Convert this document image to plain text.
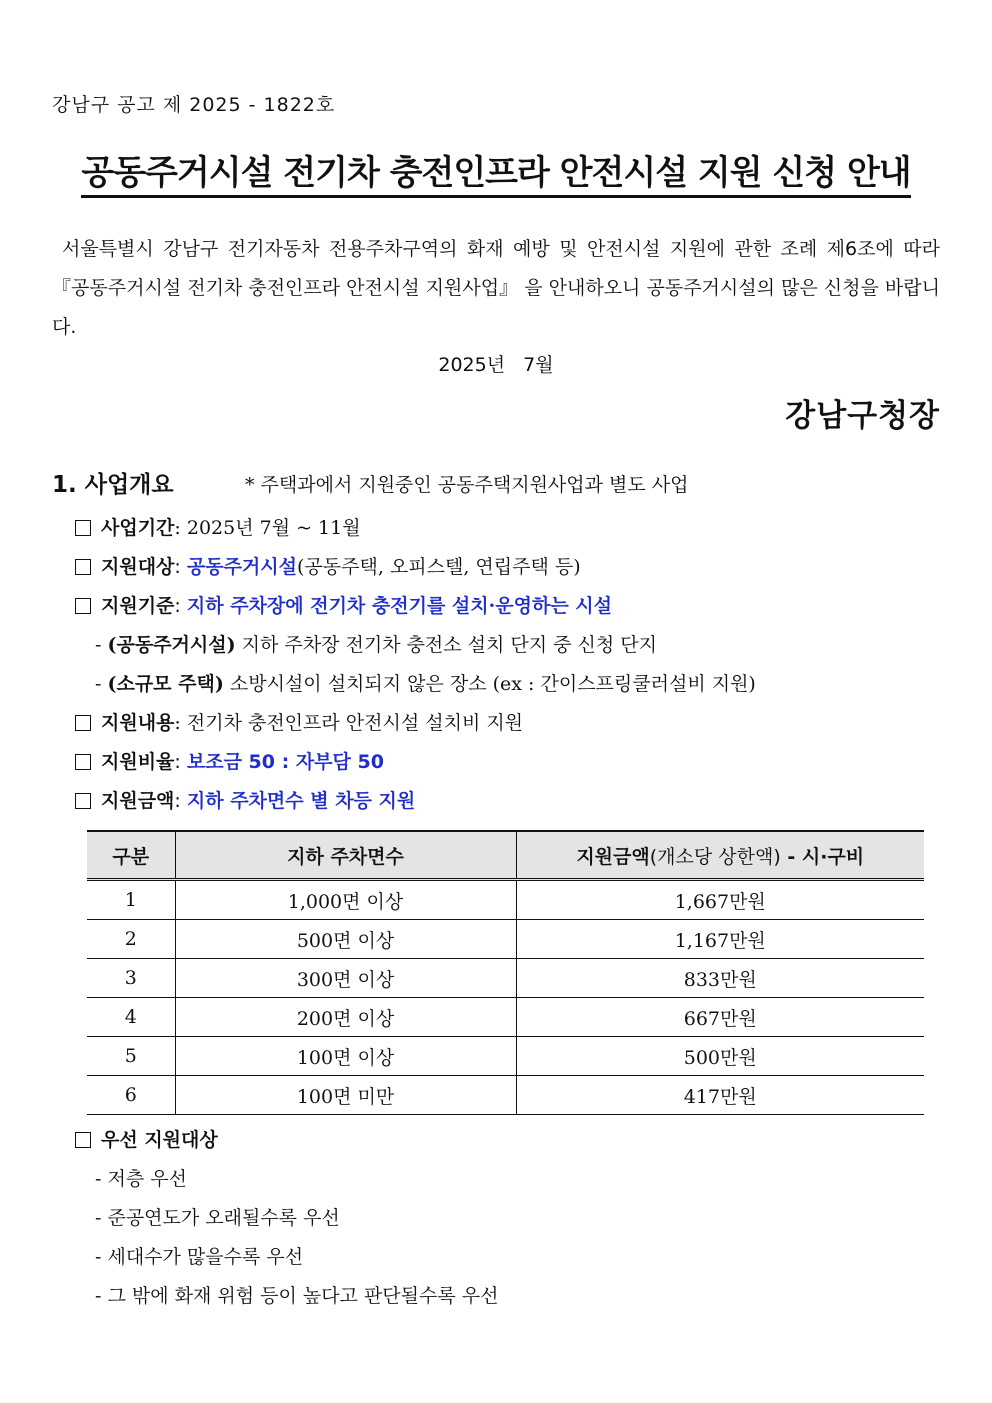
강남구 공고 제 2025 - 1822호
공동주거시설 전기차 충전인프라 안전시설 지원 신청 안내
서울특별시 강남구 전기자동차 전용주차구역의 화재 예방 및 안전시설 지원에 관한 조례 제6조에 따라 『공동주거시설 전기차 충전인프라 안전시설 지원사업』 을 안내하오니 공동주거시설의 많은 신청을 바랍니다.
2025년   7월
강남구청장
1. 사업개요	* 주택과에서 지원중인 공동주택지원사업과 별도 사업
사업기간: 2025년 7월 ~ 11월
지원대상: 공동주거시설(공동주택, 오피스텔, 연립주택 등)
지원기준: 지하 주차장에 전기차 충전기를 설치·운영하는 시설
- (공동주거시설) 지하 주차장 전기차 충전소 설치 단지 중 신청 단지
- (소규모 주택) 소방시설이 설치되지 않은 장소 (ex : 간이스프링쿨러설비 지원)
지원내용: 전기차 충전인프라 안전시설 설치비 지원
지원비율: 보조금 50 : 자부담 50
지원금액: 지하 주차면수 별 차등 지원
구분	지하 주차면수	지원금액(개소당 상한액) - 시·구비
1	1,000면 이상	1,667만원
2	500면 이상	1,167만원
3	300면 이상	833만원
4	200면 이상	667만원
5	100면 이상	500만원
6	100면 미만	417만원
우선 지원대상
- 저층 우선
- 준공연도가 오래될수록 우선
- 세대수가 많을수록 우선
- 그 밖에 화재 위험 등이 높다고 판단될수록 우선
